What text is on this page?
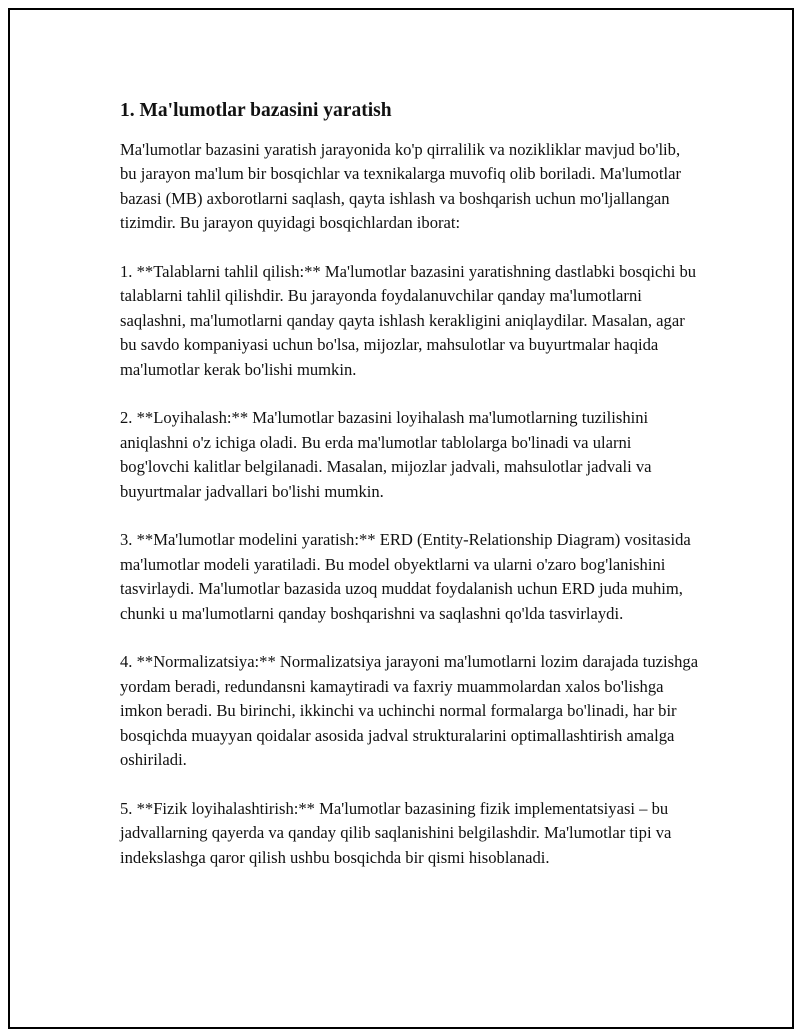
1. Ma'lumotlar bazasini yaratish

Ma'lumotlar bazasini yaratish jarayonida ko'p qirralilik va nozikliklar mavjud bo'lib, bu jarayon ma'lum bir bosqichlar va texnikalarga muvofiq olib boriladi. Ma'lumotlar bazasi (MB) axborotlarni saqlash, qayta ishlash va boshqarish uchun mo'ljallangan tizimdir. Bu jarayon quyidagi bosqichlardan iborat:

1. **Talablarni tahlil qilish:** Ma'lumotlar bazasini yaratishning dastlabki bosqichi bu talablarni tahlil qilishdir. Bu jarayonda foydalanuvchilar qanday ma'lumotlarni saqlashni, ma'lumotlarni qanday qayta ishlash kerakligini aniqlaydilar. Masalan, agar bu savdo kompaniyasi uchun bo'lsa, mijozlar, mahsulotlar va buyurtmalar haqida ma'lumotlar kerak bo'lishi mumkin.

2. **Loyihalash:** Ma'lumotlar bazasini loyihalash ma'lumotlarning tuzilishini aniqlashni o'z ichiga oladi. Bu erda ma'lumotlar tablolarga bo'linadi va ularni bog'lovchi kalitlar belgilanadi. Masalan, mijozlar jadvali, mahsulotlar jadvali va buyurtmalar jadvallari bo'lishi mumkin.

3. **Ma'lumotlar modelini yaratish:** ERD (Entity-Relationship Diagram) vositasida ma'lumotlar modeli yaratiladi. Bu model obyektlarni va ularni o'zaro bog'lanishini tasvirlaydi. Ma'lumotlar bazasida uzoq muddat foydalanish uchun ERD juda muhim, chunki u ma'lumotlarni qanday boshqarishni va saqlashni qo'lda tasvirlaydi.

4. **Normalizatsiya:** Normalizatsiya jarayoni ma'lumotlarni lozim darajada tuzishga yordam beradi, redundansni kamaytiradi va faxriy muammolardan xalos bo'lishga imkon beradi. Bu birinchi, ikkinchi va uchinchi normal formalarga bo'linadi, har bir bosqichda muayyan qoidalar asosida jadval strukturalarini optimallashtirish amalga oshiriladi.

5. **Fizik loyihalashtirish:** Ma'lumotlar bazasining fizik implementatsiyasi – bu jadvallarning qayerda va qanday qilib saqlanishini belgilashdir. Ma'lumotlar tipi va indekslashga qaror qilish ushbu bosqichda bir qismi hisoblanadi.
